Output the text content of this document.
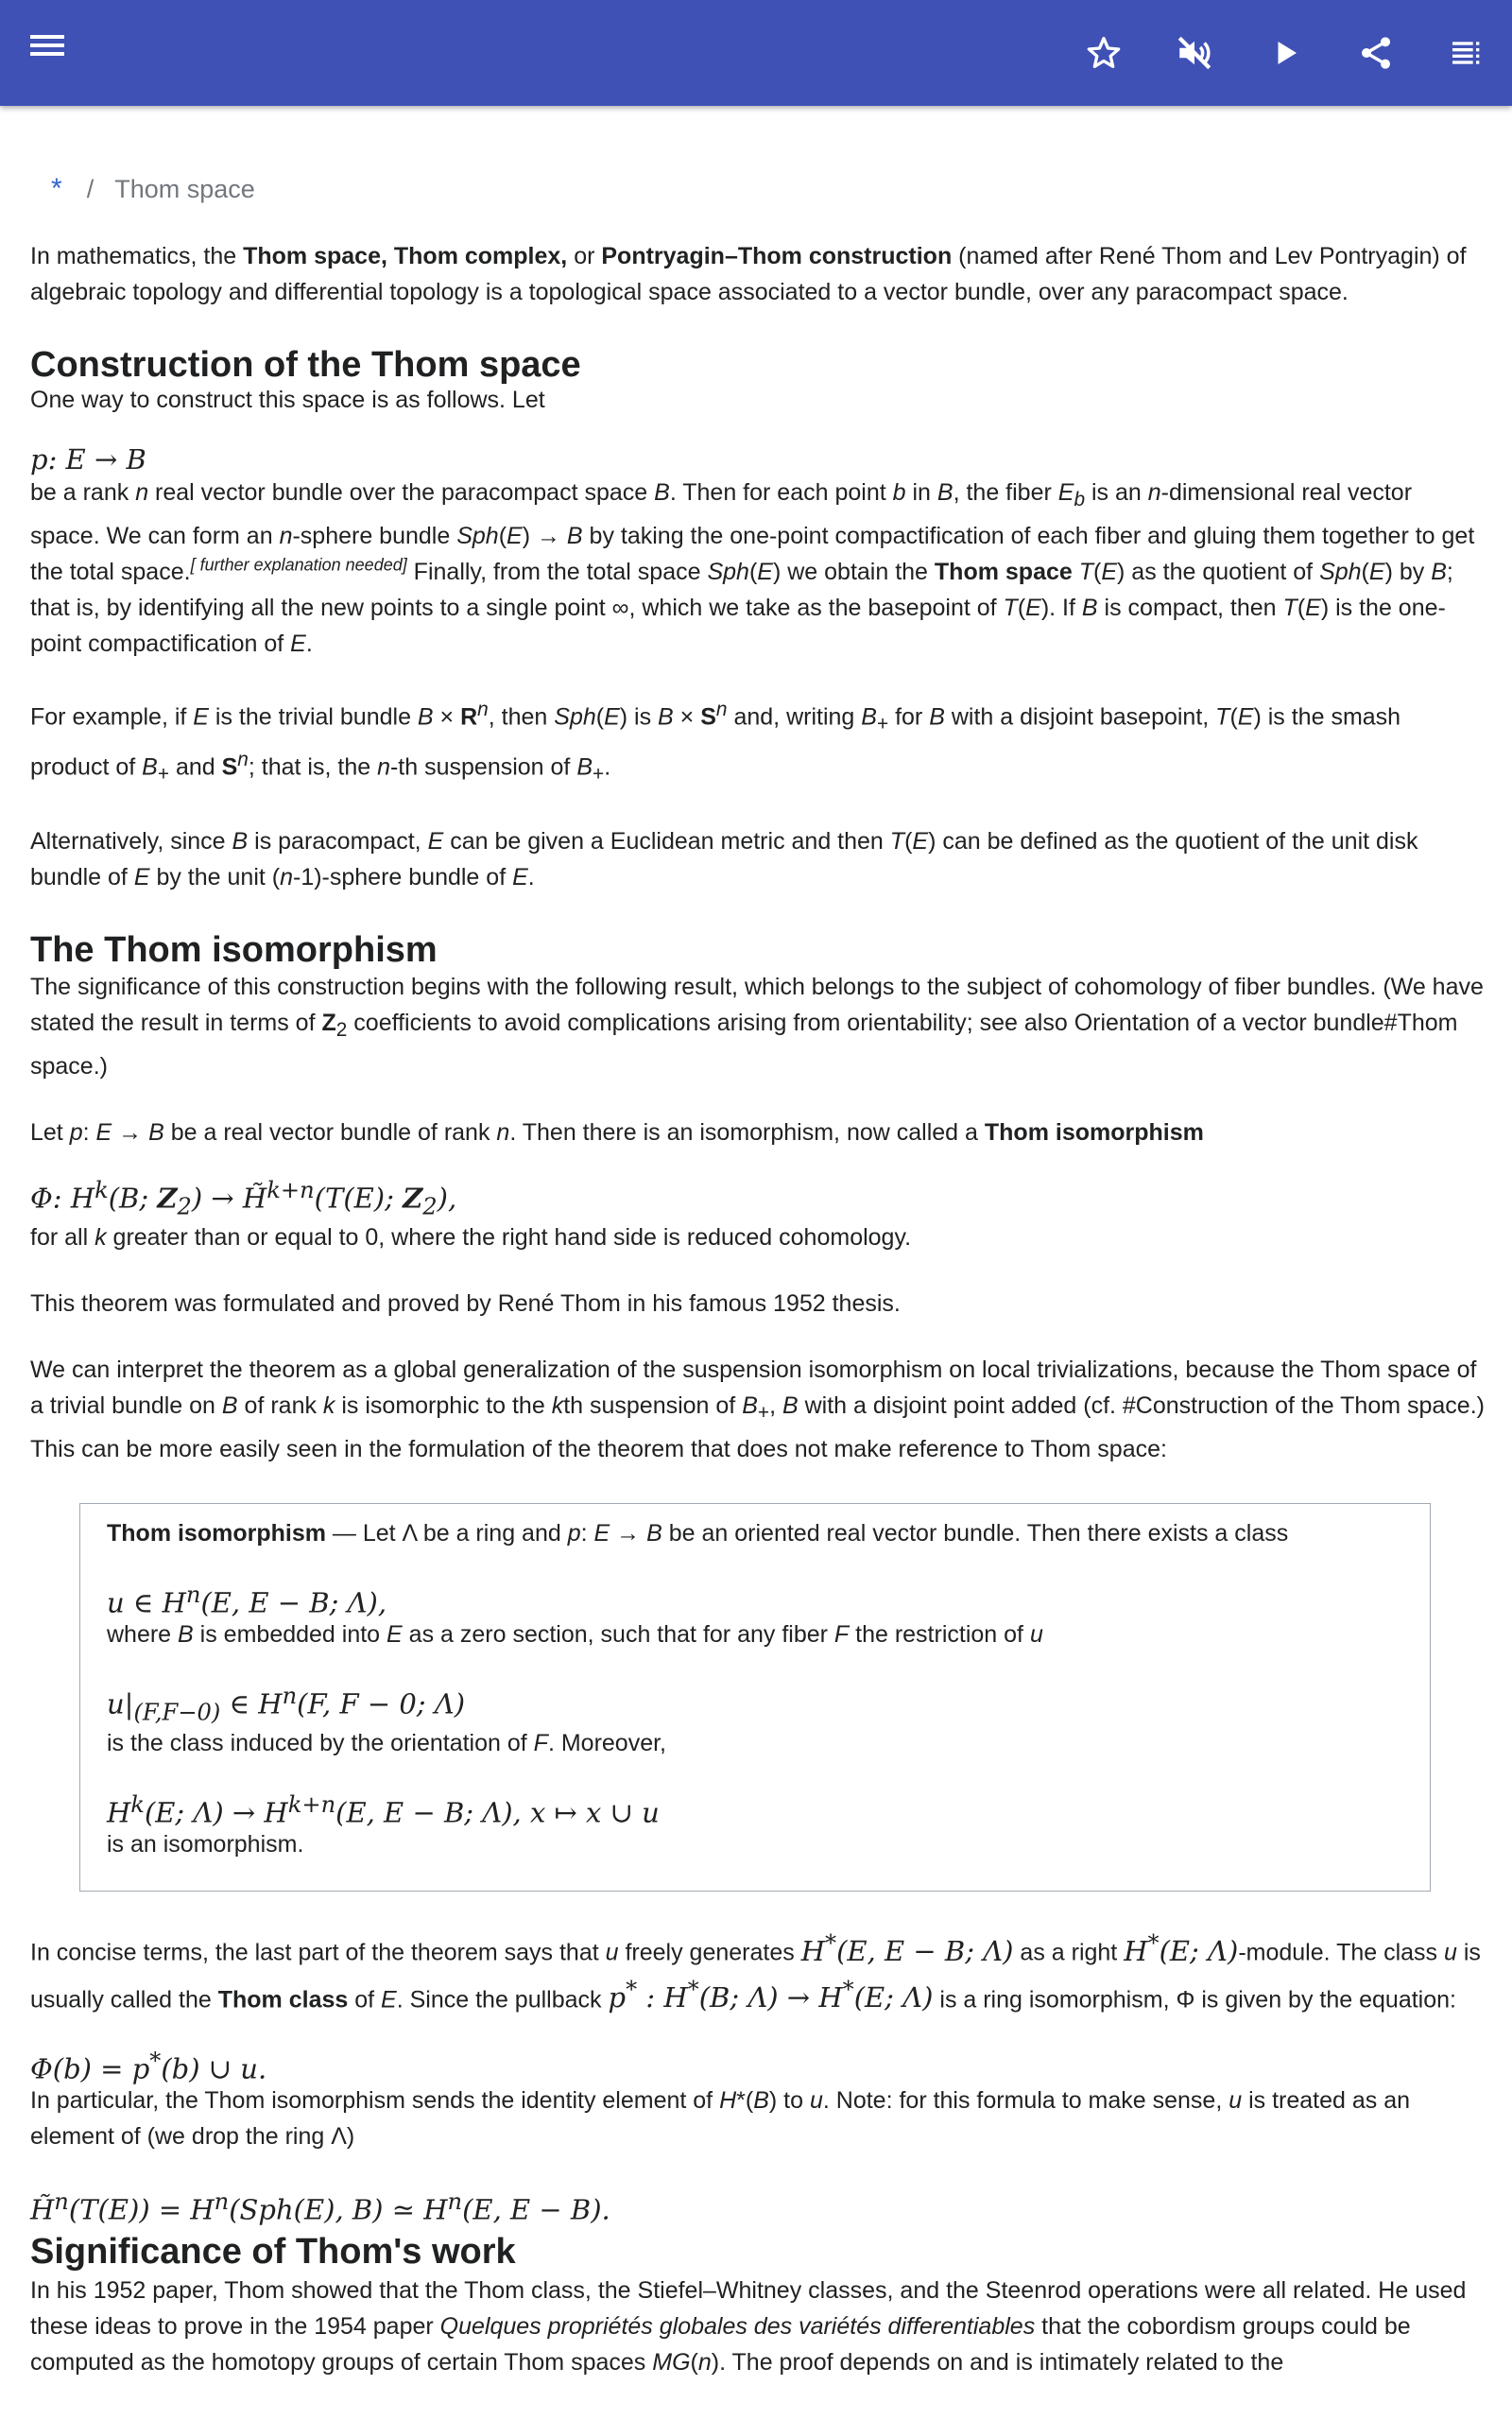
* / Thom space

In mathematics, the Thom space, Thom complex, or Pontryagin–Thom construction (named after René Thom and Lev Pontryagin) of algebraic topology and differential topology is a topological space associated to a vector bundle, over any paracompact space.

Construction of the Thom space

One way to construct this space is as follows. Let

p: E → B

be a rank n real vector bundle over the paracompact space B. Then for each point b in B, the fiber $E_b$ is an n-dimensional real vector space. We can form an n-sphere bundle Sph(E) → B by taking the one-point compactification of each fiber and gluing them together to get the total space.[ further explanation needed] Finally, from the total space Sph(E) we obtain the Thom space T(E) as the quotient of Sph(E) by B; that is, by identifying all the new points to a single point ∞, which we take as the basepoint of T(E). If B is compact, then T(E) is the one-point compactification of E.

For example, if E is the trivial bundle $B \times R^n$, then Sph(E) is $B \times S^n$ and, writing $B_+$ for B with a disjoint basepoint, T(E) is the smash product of $B_+$ and $S^n$; that is, the n-th suspension of $B_+$.

Alternatively, since B is paracompact, E can be given a Euclidean metric and then T(E) can be defined as the quotient of the unit disk bundle of E by the unit (n-1)-sphere bundle of E.

The Thom isomorphism

The significance of this construction begins with the following result, which belongs to the subject of cohomology of fiber bundles. (We have stated the result in terms of $Z_2$ coefficients to avoid complications arising from orientability; see also Orientation of a vector bundle#Thom space.)

Let p: E → B be a real vector bundle of rank n. Then there is an isomorphism, now called a Thom isomorphism

Φ: $H^k(B$; $Z_2$) → H̃$^{k+n}$(T(E); $Z_2$),

for all k greater than or equal to 0, where the right hand side is reduced cohomology.

This theorem was formulated and proved by René Thom in his famous 1952 thesis.

We can interpret the theorem as a global generalization of the suspension isomorphism on local trivializations, because the Thom space of a trivial bundle on B of rank k is isomorphic to the kth suspension of $B_+$, B with a disjoint point added (cf. #Construction of the Thom space.) This can be more easily seen in the formulation of the theorem that does not make reference to Thom space:

Thom isomorphism — Let Λ be a ring and p: E → B be an oriented real vector bundle. Then there exists a class

u ∈ $H^n(E$, E − B; Λ),

where B is embedded into E as a zero section, such that for any fiber F the restriction of u

$u|_{(F,F-0)}$ ∈ $H^n(F$, F − 0; Λ)

is the class induced by the orientation of F. Moreover,

$H^k(E$; $\Lambda) \to H^{k+n}(E$, E − B; Λ), x ↦ x ∪ u

is an isomorphism.

In concise terms, the last part of the theorem says that u freely generates H*(E, E − B; Λ) as a right H*(E; Λ)-module. The class u is usually called the Thom class of E. Since the pullback p* : H*(B; Λ) → H*(E; Λ) is a ring isomorphism, Φ is given by the equation:

Φ(b) = p*(b) ∪ u.

In particular, the Thom isomorphism sends the identity element of H*(B) to u. Note: for this formula to make sense, u is treated as an element of (we drop the ring Λ)

H̃$^n$(T(E)) = $H^n(Sph(E)$, B) ≃ $H^n(E$, E − B).
Significance of Thom's work

In his 1952 paper, Thom showed that the Thom class, the Stiefel–Whitney classes, and the Steenrod operations were all related. He used these ideas to prove in the 1954 paper Quelques propriétés globales des variétés differentiables that the cobordism groups could be computed as the homotopy groups of certain Thom spaces MG(n). The proof depends on and is intimately related to the
